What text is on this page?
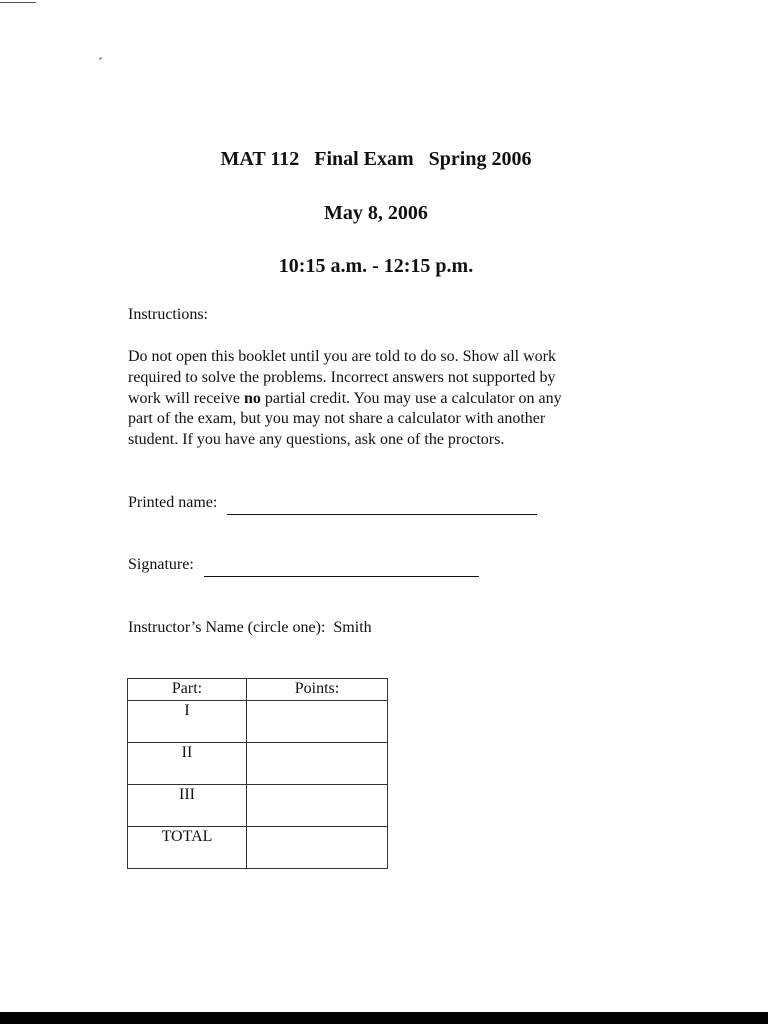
MAT 112   Final Exam   Spring 2006
May 8, 2006
10:15 a.m. - 12:15 p.m.
Instructions:
Do not open this booklet until you are told to do so. Show all work
required to solve the problems. Incorrect answers not supported by
work will receive no partial credit. You may use a calculator on any
part of the exam, but you may not share a calculator with another
student. If you have any questions, ask one of the proctors.
Printed name:
Signature:
Instructor’s Name (circle one): Smith
Part:	Points:
I	
II	
III	
TOTAL	
